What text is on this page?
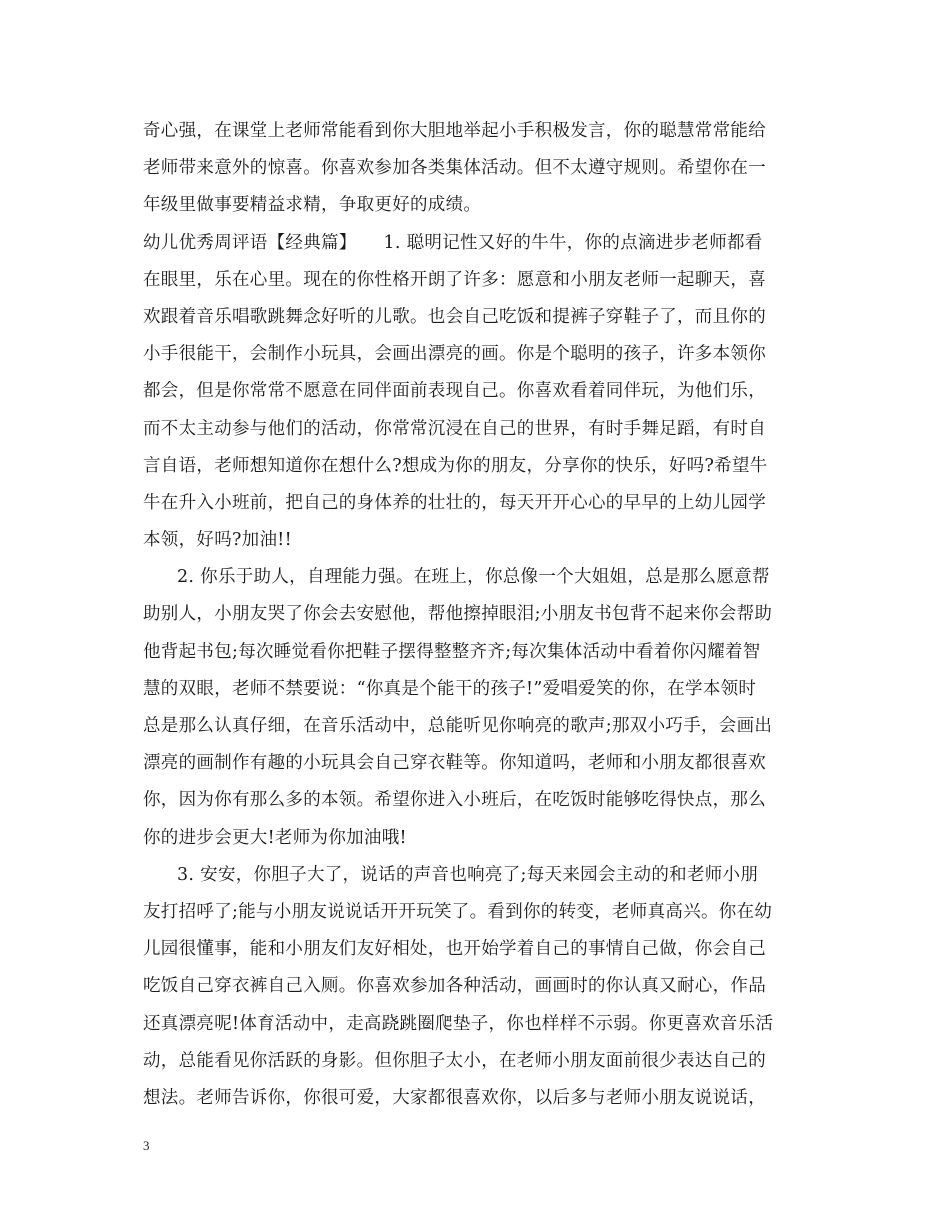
奇心强，在课堂上老师常能看到你大胆地举起小手积极发言，你的聪慧常常能给
老师带来意外的惊喜。你喜欢参加各类集体活动。但不太遵守规则。希望你在一
年级里做事要精益求精，争取更好的成绩。
幼儿优秀周评语【经典篇】　　1. 聪明记性又好的牛牛，你的点滴进步老师都看
在眼里，乐在心里。现在的你性格开朗了许多：愿意和小朋友老师一起聊天，喜
欢跟着音乐唱歌跳舞念好听的儿歌。也会自己吃饭和提裤子穿鞋子了，而且你的
小手很能干，会制作小玩具，会画出漂亮的画。你是个聪明的孩子，许多本领你
都会，但是你常常不愿意在同伴面前表现自己。你喜欢看着同伴玩，为他们乐，
而不太主动参与他们的活动，你常常沉浸在自己的世界，有时手舞足蹈，有时自
言自语，老师想知道你在想什么?想成为你的朋友，分享你的快乐，好吗?希望牛
牛在升入小班前，把自己的身体养的壮壮的，每天开开心心的早早的上幼儿园学
本领，好吗?加油!!
2. 你乐于助人，自理能力强。在班上，你总像一个大姐姐，总是那么愿意帮
助别人，小朋友哭了你会去安慰他，帮他擦掉眼泪;小朋友书包背不起来你会帮助
他背起书包;每次睡觉看你把鞋子摆得整整齐齐;每次集体活动中看着你闪耀着智
慧的双眼，老师不禁要说：“你真是个能干的孩子!”爱唱爱笑的你，在学本领时
总是那么认真仔细，在音乐活动中，总能听见你响亮的歌声;那双小巧手，会画出
漂亮的画制作有趣的小玩具会自己穿衣鞋等。你知道吗，老师和小朋友都很喜欢
你，因为你有那么多的本领。希望你进入小班后，在吃饭时能够吃得快点，那么
你的进步会更大!老师为你加油哦!
3. 安安，你胆子大了，说话的声音也响亮了;每天来园会主动的和老师小朋
友打招呼了;能与小朋友说说话开开玩笑了。看到你的转变，老师真高兴。你在幼
儿园很懂事，能和小朋友们友好相处，也开始学着自己的事情自己做，你会自己
吃饭自己穿衣裤自己入厕。你喜欢参加各种活动，画画时的你认真又耐心，作品
还真漂亮呢!体育活动中，走高跷跳圈爬垫子，你也样样不示弱。你更喜欢音乐活
动，总能看见你活跃的身影。但你胆子太小，在老师小朋友面前很少表达自己的
想法。老师告诉你，你很可爱，大家都很喜欢你，以后多与老师小朋友说说话，
3
